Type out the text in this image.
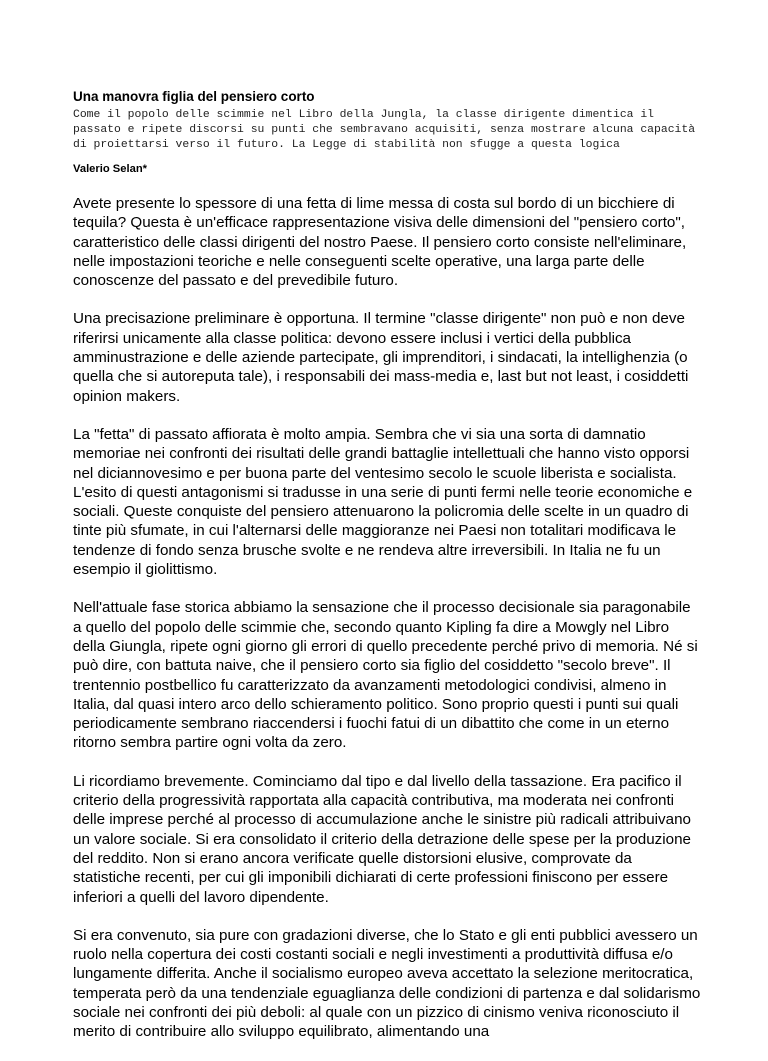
Una manovra figlia del pensiero corto
Come il popolo delle scimmie nel Libro della Jungla, la classe dirigente dimentica il passato e ripete discorsi su punti che sembravano acquisiti, senza mostrare alcuna capacità di proiettarsi verso il futuro. La Legge di stabilità non sfugge a questa logica
Valerio Selan*

Avete presente lo spessore di una fetta di lime messa di costa sul bordo di un bicchiere di tequila? Questa è un'efficace rappresentazione visiva delle dimensioni del "pensiero corto", caratteristico delle classi dirigenti del nostro Paese. Il pensiero corto consiste nell'eliminare, nelle impostazioni teoriche e nelle conseguenti scelte operative, una larga parte delle conoscenze del passato e del prevedibile futuro.

Una precisazione preliminare è opportuna. Il termine "classe dirigente" non può e non deve riferirsi unicamente alla classe politica: devono essere inclusi i vertici della pubblica amminustrazione e delle aziende partecipate, gli imprenditori, i sindacati, la intellighenzia (o quella che si autoreputa tale), i responsabili dei mass-media e, last but not least, i cosiddetti opinion makers.

La "fetta" di passato affiorata è molto ampia. Sembra che vi sia una sorta di damnatio memoriae nei confronti dei risultati delle grandi battaglie intellettuali che hanno visto opporsi nel diciannovesimo e per buona parte del ventesimo secolo le scuole liberista e socialista. L'esito di questi antagonismi si tradusse in una serie di punti fermi nelle teorie economiche e sociali. Queste conquiste del pensiero attenuarono la policromia delle scelte in un quadro di tinte più sfumate, in cui l'alternarsi delle maggioranze nei Paesi non totalitari modificava le tendenze di fondo senza brusche svolte e ne rendeva altre irreversibili. In Italia ne fu un esempio il giolittismo.

Nell'attuale fase storica abbiamo la sensazione che il processo decisionale sia paragonabile a quello del popolo delle scimmie che, secondo quanto Kipling fa dire a Mowgly nel Libro della Giungla, ripete ogni giorno gli errori di quello precedente perché privo di memoria. Né si può dire, con battuta naive, che il pensiero corto sia figlio del cosiddetto "secolo breve". Il trentennio postbellico fu caratterizzato da avanzamenti metodologici condivisi, almeno in Italia, dal quasi intero arco dello schieramento politico. Sono proprio questi i punti sui quali periodicamente sembrano riaccendersi i fuochi fatui di un dibattito che come in un eterno ritorno sembra partire ogni volta da zero.

Li ricordiamo brevemente. Cominciamo dal tipo e dal livello della tassazione. Era pacifico il criterio della progressività rapportata alla capacità contributiva, ma moderata nei confronti delle imprese perché al processo di accumulazione anche le sinistre più radicali attribuivano un valore sociale. Si era consolidato il criterio della detrazione delle spese per la produzione del reddito. Non si erano ancora verificate quelle distorsioni elusive, comprovate da statistiche recenti, per cui gli imponibili dichiarati di certe professioni finiscono per essere inferiori a quelli del lavoro dipendente.

Si era convenuto, sia pure con gradazioni diverse, che lo Stato e gli enti pubblici avessero un ruolo nella copertura dei costi costanti sociali e negli investimenti a produttività diffusa e/o lungamente differita. Anche il socialismo europeo aveva accettato la selezione meritocratica, temperata però da una tendenziale eguaglianza delle condizioni di partenza e dal solidarismo sociale nei confronti dei più deboli: al quale con un pizzico di cinismo veniva riconosciuto il merito di contribuire allo sviluppo equilibrato, alimentando una
